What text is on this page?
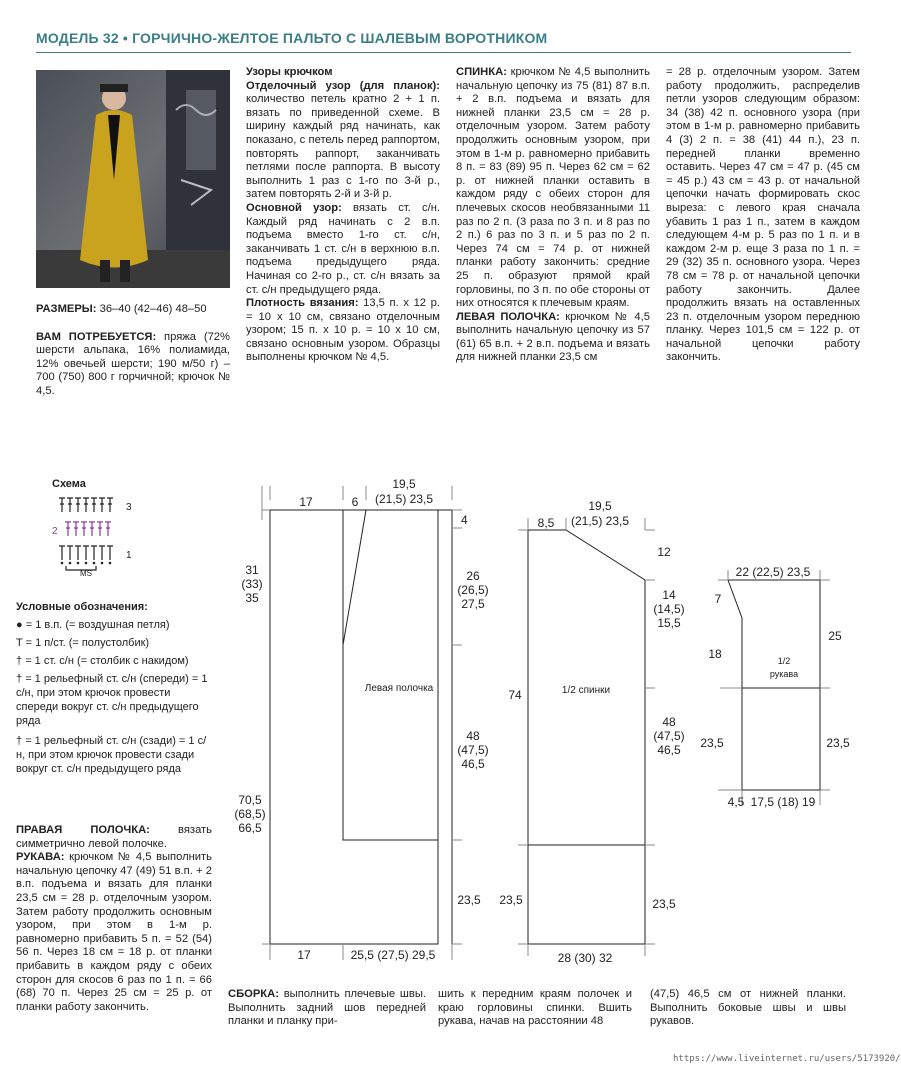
МОДЕЛЬ 32 • ГОРЧИЧНО-ЖЕЛТОЕ ПАЛЬТО С ШАЛЕВЫМ ВОРОТНИКОМ

РАЗМЕРЫ: 36–40 (42–46) 48–50

ВАМ ПОТРЕБУЕТСЯ: пряжа (72% шерсти альпака, 16% полиамида, 12% овечьей шерсти; 190 м/50 г) – 700 (750) 800 г горчичной; крючок № 4,5.

Узоры крючком

Отделочный узор (для планок): количество петель кратно 2 + 1 п. вязать по приведенной схеме. В ширину каждый ряд начинать, как показано, с петель перед раппортом, повторять раппорт, заканчивать петлями после раппорта. В высоту выполнить 1 раз с 1-го по 3-й р., затем повторять 2-й и 3-й р.

Основной узор: вязать ст. с/н. Каждый ряд начинать с 2 в.п. подъема вместо 1-го ст. с/н, заканчивать 1 ст. с/н в верхнюю в.п. подъема предыдущего ряда. Начиная со 2-го р., ст. с/н вязать за ст. с/н предыдущего ряда.

Плотность вязания: 13,5 п. х 12 р. = 10 х 10 см, связано отделочным узором; 15 п. х 10 р. = 10 х 10 см, связано основным узором. Образцы выполнены крючком № 4,5.

СПИНКА: крючком № 4,5 выполнить начальную цепочку из 75 (81) 87 в.п. + 2 в.п. подъема и вязать для нижней планки 23,5 см = 28 р. отделочным узором. Затем работу продолжить основным узором, при этом в 1-м р. равномерно прибавить 8 п. = 83 (89) 95 п. Через 62 см = 62 р. от нижней планки оставить в каждом ряду с обеих сторон для плечевых скосов необвязанными 11 раз по 2 п. (3 раза по 3 п. и 8 раз по 2 п.) 6 раз по 3 п. и 5 раз по 2 п. Через 74 см = 74 р. от нижней планки работу закончить: средние 25 п. образуют прямой край горловины, по 3 п. по обе стороны от них относятся к плечевым краям.

ЛЕВАЯ ПОЛОЧКА: крючком № 4,5 выполнить начальную цепочку из 57 (61) 65 в.п. + 2 в.п. подъема и вязать для нижней планки 23,5 см

= 28 р. отделочным узором. Затем работу продолжить, распределив петли узоров следующим образом: 34 (38) 42 п. основного узора (при этом в 1-м р. равномерно прибавить 4 (3) 2 п. = 38 (41) 44 п.), 23 п. передней планки временно оставить. Через 47 см = 47 р. (45 см = 45 р.) 43 см = 43 р. от начальной цепочки начать формировать скос выреза: с левого края сначала убавить 1 раз 1 п., затем в каждом следующем 4-м р. 5 раз по 1 п. и в каждом 2-м р. еще 3 раза по 1 п. = 29 (32) 35 п. основного узора. Через 78 см = 78 р. от начальной цепочки работу закончить. Далее продолжить вязать на оставленных 23 п. отделочным узором переднюю планку. Через 101,5 см = 122 р. от начальной цепочки работу закончить.

Схема
3
2
1
MS

Условные обозначения:

● = 1 в.п. (= воздушная петля)

T = 1 п/ст. (= полустолбик)

† = 1 ст. с/н (= столбик с накидом)

† = 1 рельефный ст. с/н (спереди) = 1 с/н, при этом крючок провести спереди вокруг ст. с/н предыдущего ряда

† = 1 рельефный ст. с/н (сзади) = 1 с/н, при этом крючок провести сзади вокруг ст. с/н предыдущего ряда

ПРАВАЯ ПОЛОЧКА: вязать симметрично левой полочке.

РУКАВА: крючком № 4,5 выполнить начальную цепочку 47 (49) 51 в.п. + 2 в.п. подъема и вязать для планки 23,5 см = 28 р. отделочным узором. Затем работу продолжить основным узором, при этом в 1-м р. равномерно прибавить 5 п. = 52 (54) 56 п. Через 18 см = 18 р. от планки прибавить в каждом ряду с обеих сторон для скосов 6 раз по 1 п. = 66 (68) 70 п. Через 25 см = 25 р. от планки работу закончить.

17	6
19,5
(21,5) 23,5
4
26
(26,5)
27,5
48
(47,5)
46,5
23,5
31
(33)
35
70,5
(68,5)
66,5
17	25,5 (27,5) 29,5
Левая полочка
8,5
19,5
(21,5) 23,5
12
14
(14,5)
15,5
48
(47,5)
46,5
23,5
74
23,5
28 (30) 32
1/2 спинки
22 (22,5) 23,5
7
18
23,5
25
23,5
4,5 17,5 (18) 19
1/2
рукава

СБОРКА: выполнить плечевые швы. Выполнить задний шов передней планки и планку при-

шить к передним краям полочек и краю горловины спинки. Вшить рукава, начав на расстоянии 48

(47,5) 46,5 см от нижней планки. Выполнить боковые швы и швы рукавов.

https://www.liveinternet.ru/users/5173920/
